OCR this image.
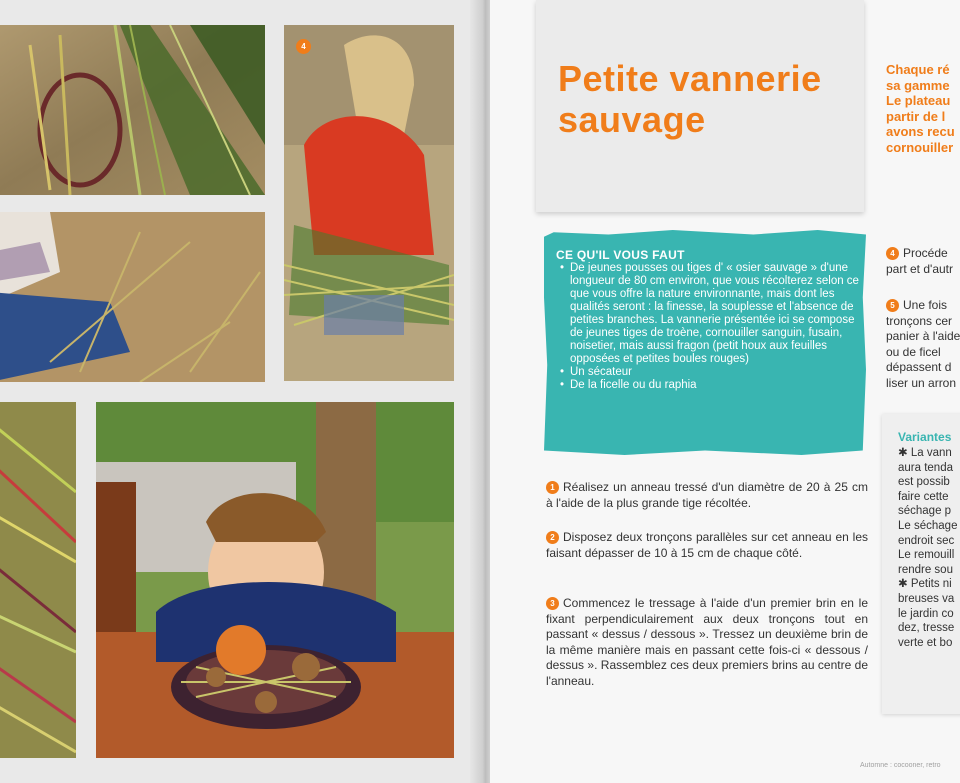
4
Petite vannerie
sauvage

Chaque ré
sa gamme
Le plateau
partir de l
avons recu
cornouiller

CE QU'IL VOUS FAUT
• De jeunes pousses ou tiges d' « osier sauvage » d'une longueur de 80 cm environ, que vous récolterez selon ce que vous offre la nature environnante, mais dont les qualités seront : la finesse, la souplesse et l'absence de petites branches. La vannerie présentée ici se compose de jeunes tiges de troène, cornouiller sanguin, fusain, noisetier, mais aussi fragon (petit houx aux feuilles opposées et petites boules rouges)
• Un sécateur
• De la ficelle ou du raphia

1 Réalisez un anneau tressé d'un diamètre de 20 à 25 cm à l'aide de la plus grande tige récoltée.

2 Disposez deux tronçons parallèles sur cet anneau en les faisant dépasser de 10 à 15 cm de chaque côté.

3 Commencez le tressage à l'aide d'un premier brin en le fixant perpendiculairement aux deux tronçons tout en passant « dessus / dessous ». Tressez un deuxième brin de la même manière mais en passant cette fois-ci « dessous / dessus ». Rassemblez ces deux premiers brins au centre de l'anneau.

4 Procéde
part et d'autr

5 Une fois
tronçons cer
panier à l'aide
ou de ficel
dépassent d
liser un arron

Variantes

✱ La vann
aura tenda
est possib
faire cette
séchage p
Le séchage
endroit sec
Le remouill
rendre sou
✱ Petits ni
breuses va
le jardin co
dez, tresse
verte et bo

Automne : cocooner, retro
